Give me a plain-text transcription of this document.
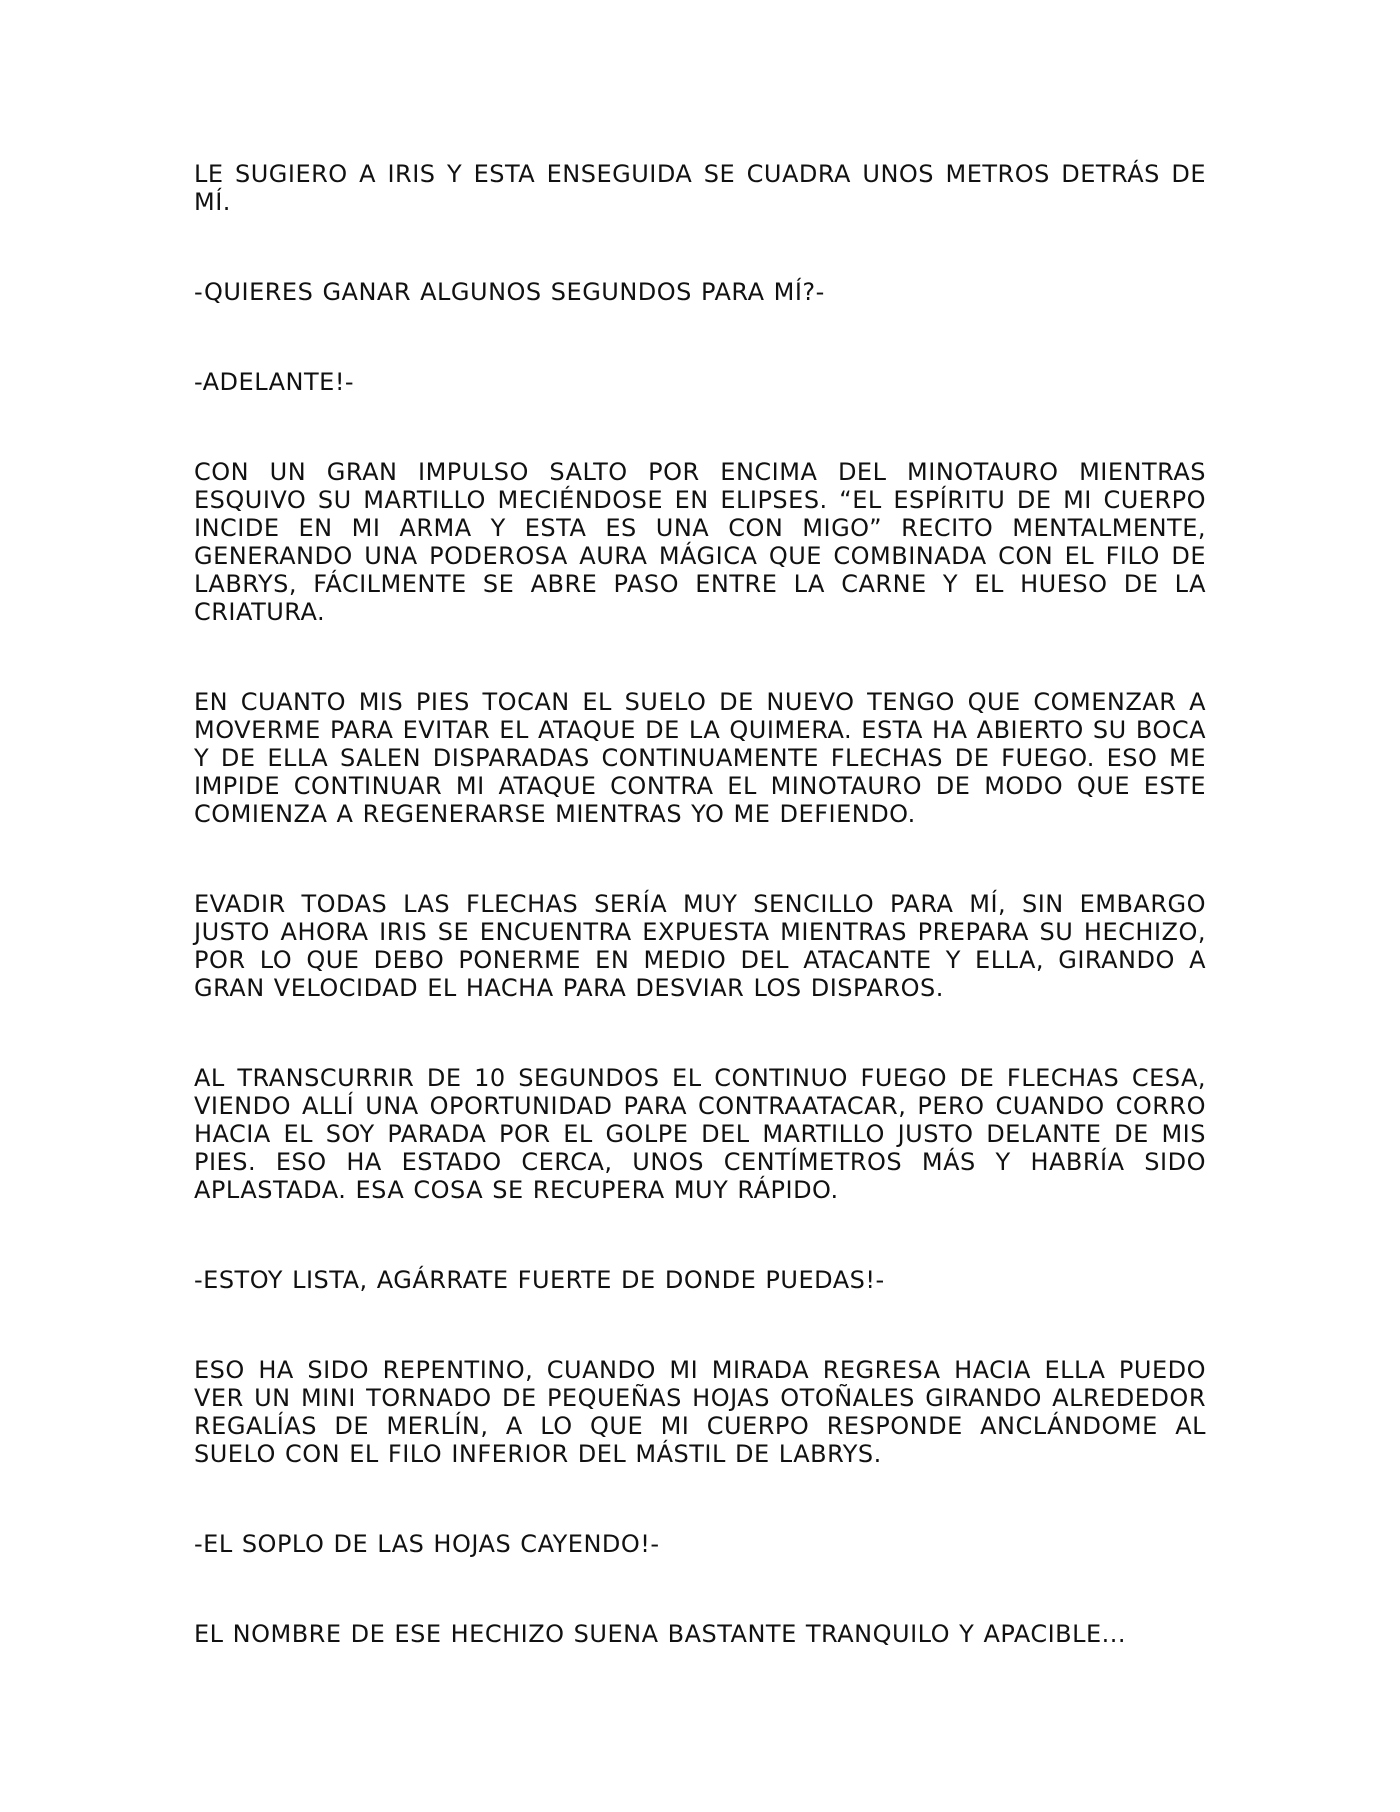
LE SUGIERO A IRIS Y ESTA ENSEGUIDA SE CUADRA UNOS METROS DETRÁS DE MÍ.

-QUIERES GANAR ALGUNOS SEGUNDOS PARA MÍ?-

-ADELANTE!-

CON UN GRAN IMPULSO SALTO POR ENCIMA DEL MINOTAURO MIENTRAS ESQUIVO SU MARTILLO MECIÉNDOSE EN ELIPSES. “EL ESPÍRITU DE MI CUERPO INCIDE EN MI ARMA Y ESTA ES UNA CON MIGO” RECITO MENTALMENTE, GENERANDO UNA PODEROSA AURA MÁGICA QUE COMBINADA CON EL FILO DE LABRYS, FÁCILMENTE SE ABRE PASO ENTRE LA CARNE Y EL HUESO DE LA CRIATURA.

EN CUANTO MIS PIES TOCAN EL SUELO DE NUEVO TENGO QUE COMENZAR A MOVERME PARA EVITAR EL ATAQUE DE LA QUIMERA. ESTA HA ABIERTO SU BOCA Y DE ELLA SALEN DISPARADAS CONTINUAMENTE FLECHAS DE FUEGO. ESO ME IMPIDE CONTINUAR MI ATAQUE CONTRA EL MINOTAURO DE MODO QUE ESTE COMIENZA A REGENERARSE MIENTRAS YO ME DEFIENDO.

EVADIR TODAS LAS FLECHAS SERÍA MUY SENCILLO PARA MÍ, SIN EMBARGO JUSTO AHORA IRIS SE ENCUENTRA EXPUESTA MIENTRAS PREPARA SU HECHIZO, POR LO QUE DEBO PONERME EN MEDIO DEL ATACANTE Y ELLA, GIRANDO A GRAN VELOCIDAD EL HACHA PARA DESVIAR LOS DISPAROS.

AL TRANSCURRIR DE 10 SEGUNDOS EL CONTINUO FUEGO DE FLECHAS CESA, VIENDO ALLÍ UNA OPORTUNIDAD PARA CONTRAATACAR, PERO CUANDO CORRO HACIA EL SOY PARADA POR EL GOLPE DEL MARTILLO JUSTO DELANTE DE MIS PIES. ESO HA ESTADO CERCA, UNOS CENTÍMETROS MÁS Y HABRÍA SIDO APLASTADA. ESA COSA SE RECUPERA MUY RÁPIDO.

-ESTOY LISTA, AGÁRRATE FUERTE DE DONDE PUEDAS!-

ESO HA SIDO REPENTINO, CUANDO MI MIRADA REGRESA HACIA ELLA PUEDO VER UN MINI TORNADO DE PEQUEÑAS HOJAS OTOÑALES GIRANDO ALREDEDOR REGALÍAS DE MERLÍN, A LO QUE MI CUERPO RESPONDE ANCLÁNDOME AL SUELO CON EL FILO INFERIOR DEL MÁSTIL DE LABRYS.

-EL SOPLO DE LAS HOJAS CAYENDO!-

EL NOMBRE DE ESE HECHIZO SUENA BASTANTE TRANQUILO Y APACIBLE...
